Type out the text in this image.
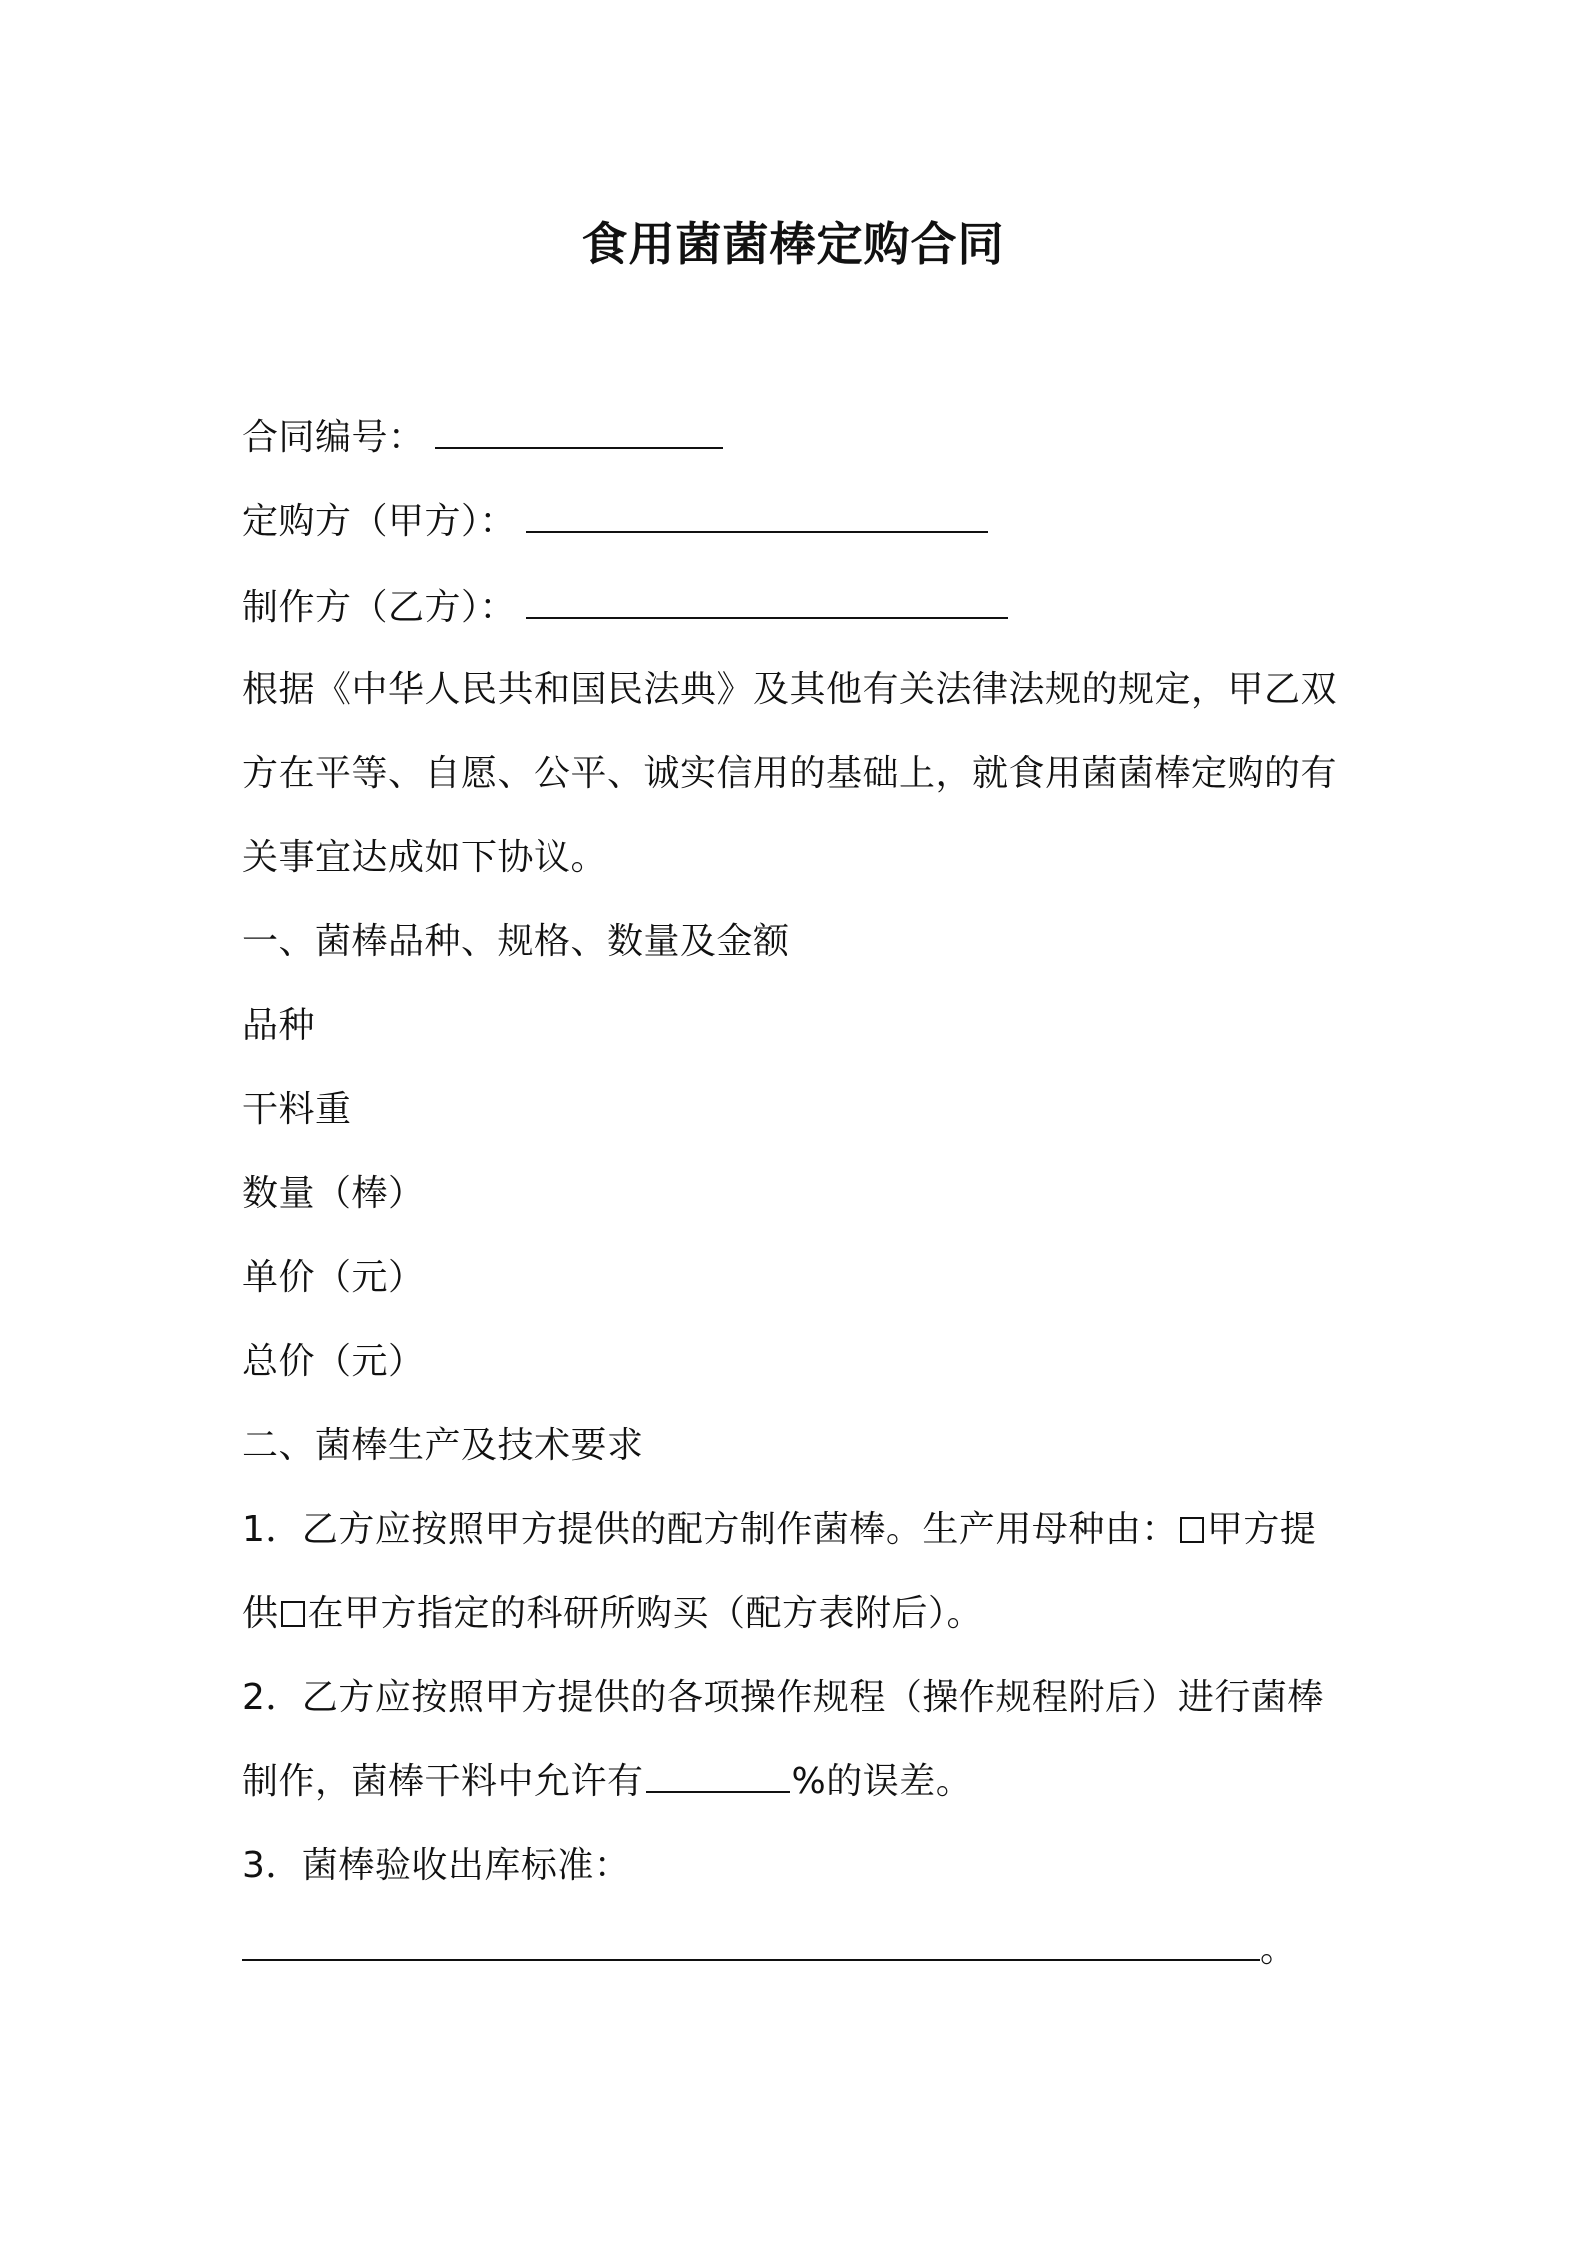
食用菌菌棒定购合同
合同编号：
定购方（甲方）：
制作方（乙方）：
根据《中华人民共和国民法典》及其他有关法律法规的规定，甲乙双
方在平等、自愿、公平、诚实信用的基础上，就食用菌菌棒定购的有
关事宜达成如下协议。
一、菌棒品种、规格、数量及金额
品种
干料重
数量（棒）
单价（元）
总价（元）
二、菌棒生产及技术要求
1．乙方应按照甲方提供的配方制作菌棒。生产用母种由： 甲方提
供 在甲方指定的科研所购买（配方表附后）。
2．乙方应按照甲方提供的各项操作规程（操作规程附后）进行菌棒
制作，菌棒干料中允许有	%的误差。
3．菌棒验收出库标准：
。
